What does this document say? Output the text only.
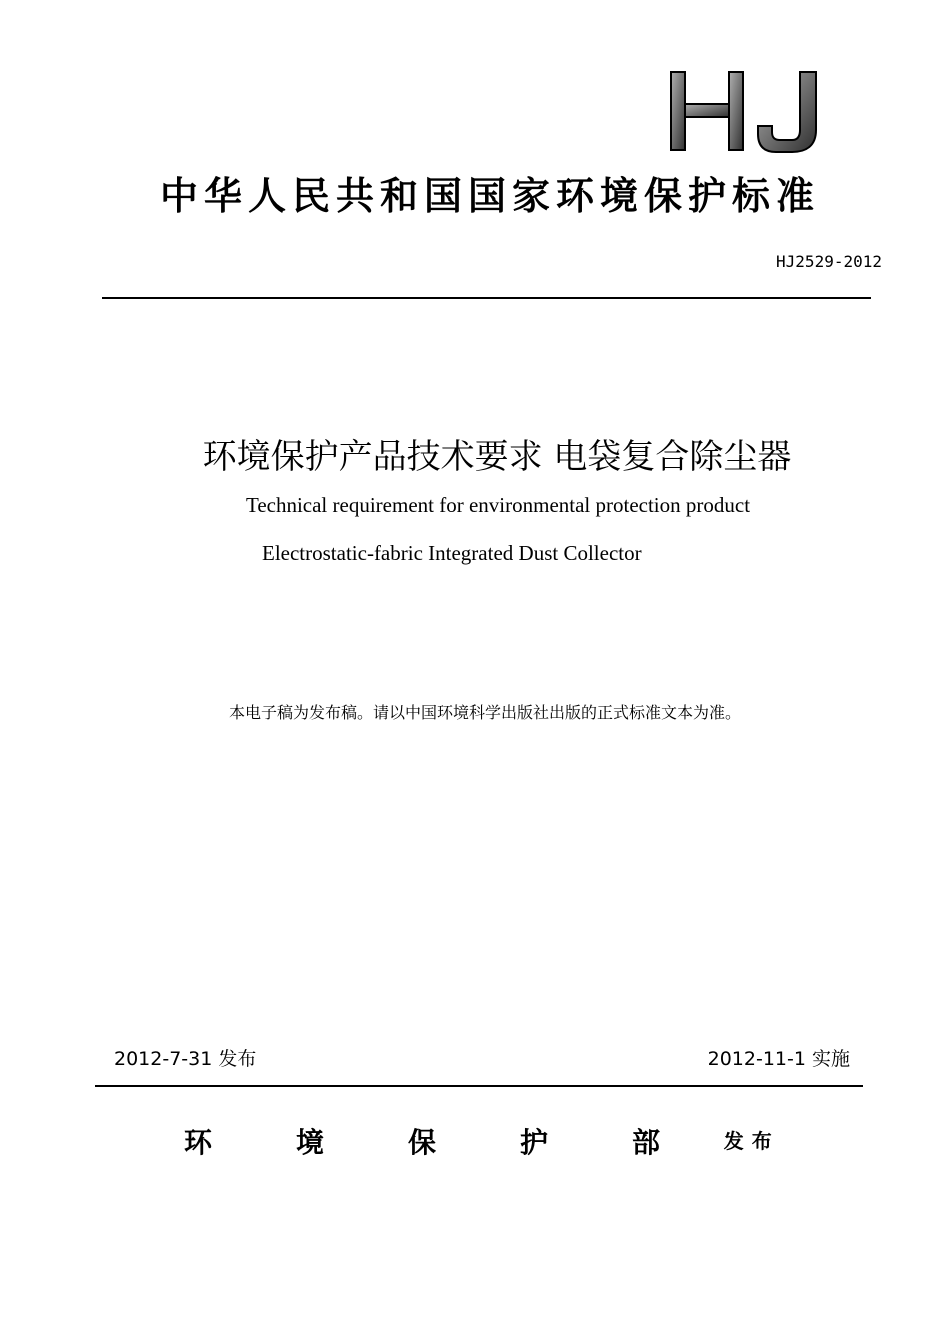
中华人民共和国国家环境保护标准
HJ2529-2012
环境保护产品技术要求 电袋复合除尘器
Technical requirement for environmental protection product
Electrostatic-fabric Integrated Dust Collector
本电子稿为发布稿。请以中国环境科学出版社出版的正式标准文本为准。
2012-7-31 发布	2012-11-1 实施
环	境	保	护	部	发布
